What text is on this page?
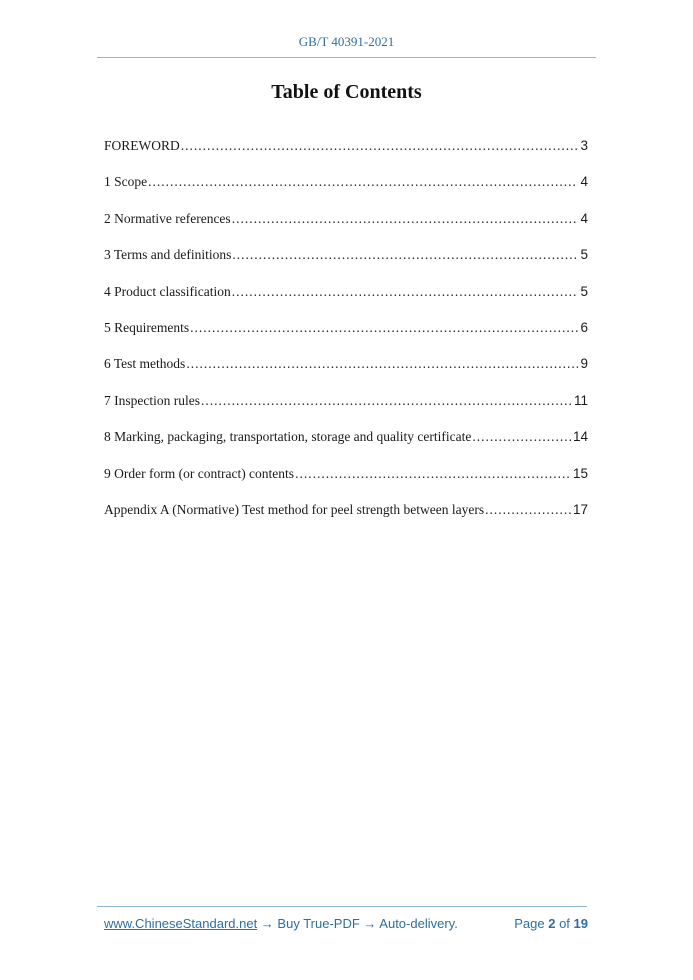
GB/T 40391-2021
Table of Contents
FOREWORD .....	3
1 Scope .....	4
2 Normative references .....	4
3 Terms and definitions .....	5
4 Product classification .....	5
5 Requirements .....	6
6 Test methods .....	9
7 Inspection rules .....	11
8 Marking, packaging, transportation, storage and quality certificate .....	14
9 Order form (or contract) contents .....	15
Appendix A (Normative) Test method for peel strength between layers .....	17
www.ChineseStandard.net → Buy True-PDF → Auto-delivery.	Page 2 of 19
